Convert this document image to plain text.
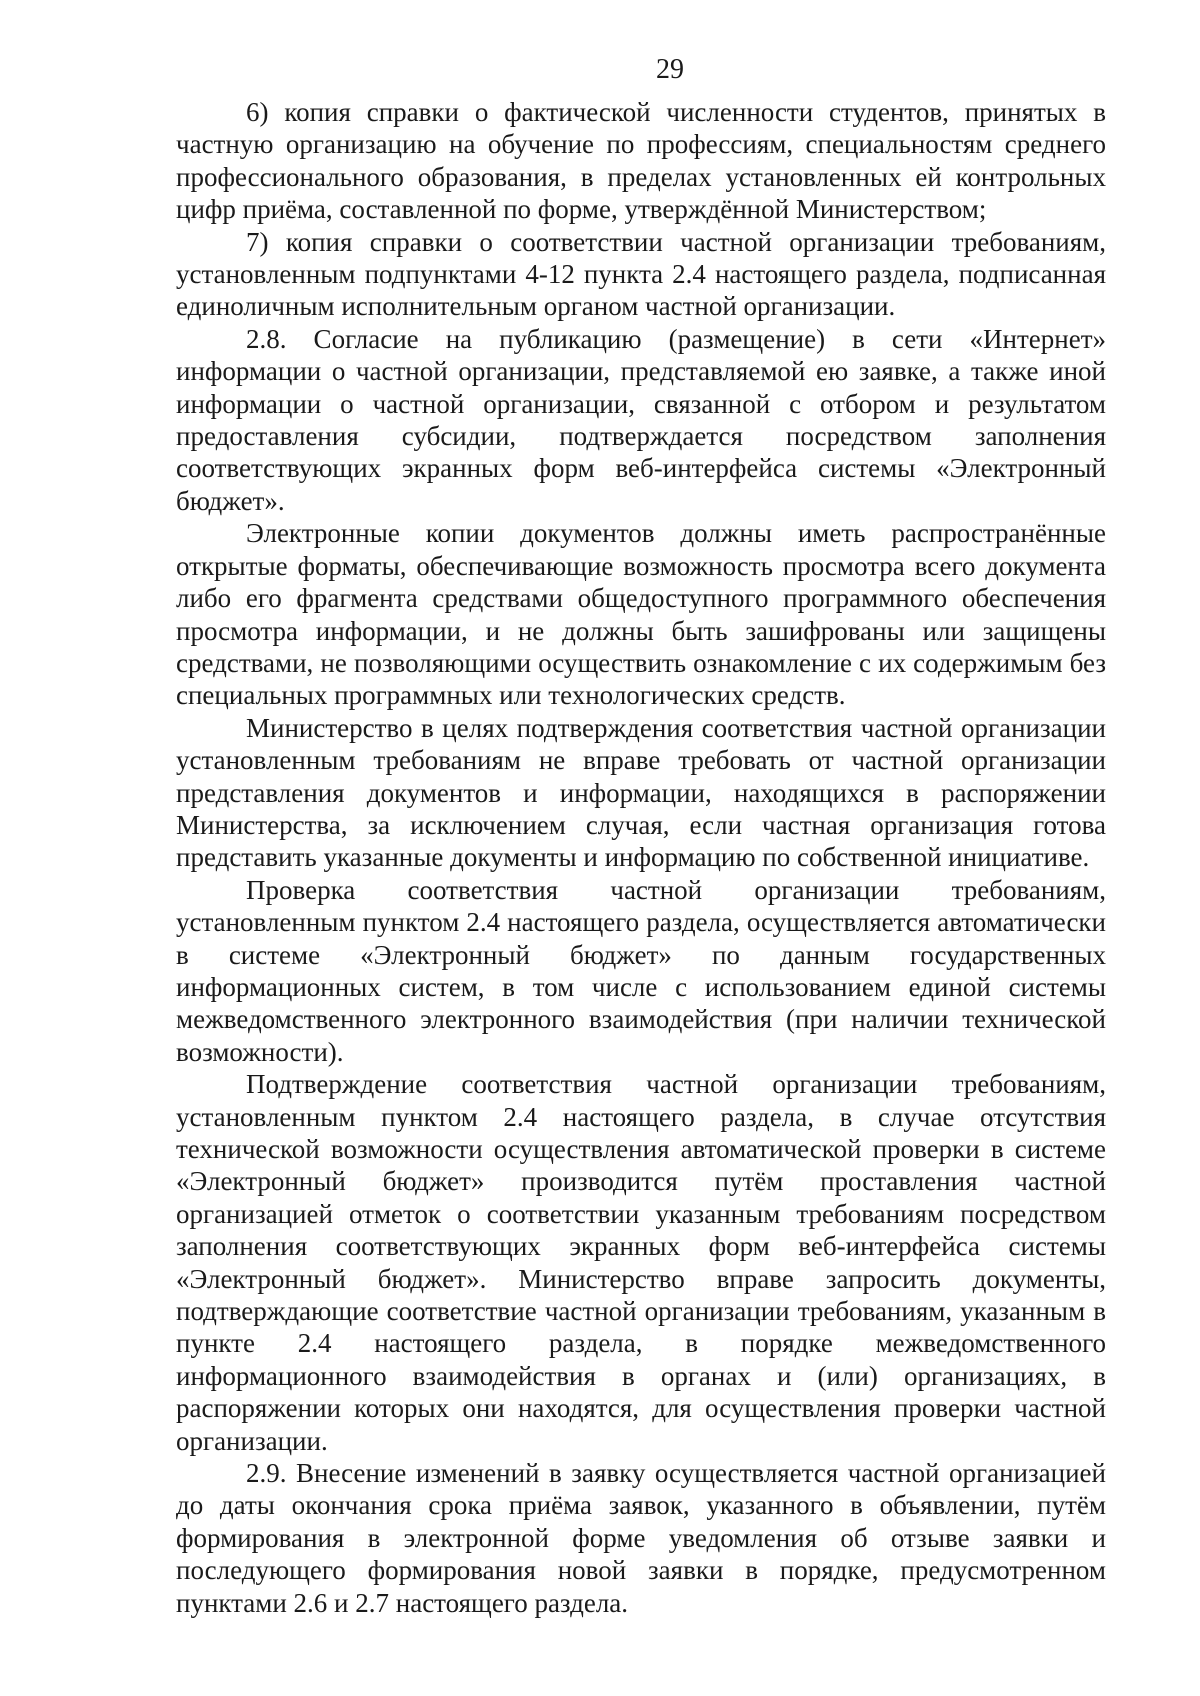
29

6) копия справки о фактической численности студентов, принятых в частную организацию на обучение по профессиям, специальностям среднего профессионального образования, в пределах установленных ей контрольных цифр приёма, составленной по форме, утверждённой Министерством;

7) копия справки о соответствии частной организации требованиям, установленным подпунктами 4-12 пункта 2.4 настоящего раздела, подписанная единоличным исполнительным органом частной организации.

2.8. Согласие на публикацию (размещение) в сети «Интернет» информации о частной организации, представляемой ею заявке, а также иной информации о частной организации, связанной с отбором и результатом предоставления субсидии, подтверждается посредством заполнения соответствующих экранных форм веб-интерфейса системы «Электронный бюджет».

Электронные копии документов должны иметь распространённые открытые форматы, обеспечивающие возможность просмотра всего документа либо его фрагмента средствами общедоступного программного обеспечения просмотра информации, и не должны быть зашифрованы или защищены средствами, не позволяющими осуществить ознакомление с их содержимым без специальных программных или технологических средств.

Министерство в целях подтверждения соответствия частной организации установленным требованиям не вправе требовать от частной организации представления документов и информации, находящихся в распоряжении Министерства, за исключением случая, если частная организация готова представить указанные документы и информацию по собственной инициативе.

Проверка соответствия частной организации требованиям, установленным пунктом 2.4 настоящего раздела, осуществляется автоматически в системе «Электронный бюджет» по данным государственных информационных систем, в том числе с использованием единой системы межведомственного электронного взаимодействия (при наличии технической возможности).

Подтверждение соответствия частной организации требованиям, установленным пунктом 2.4 настоящего раздела, в случае отсутствия технической возможности осуществления автоматической проверки в системе «Электронный бюджет» производится путём проставления частной организацией отметок о соответствии указанным требованиям посредством заполнения соответствующих экранных форм веб-интерфейса системы «Электронный бюджет». Министерство вправе запросить документы, подтверждающие соответствие частной организации требованиям, указанным в пункте 2.4 настоящего раздела, в порядке межведомственного информационного взаимодействия в органах и (или) организациях, в распоряжении которых они находятся, для осуществления проверки частной организации.

2.9. Внесение изменений в заявку осуществляется частной организацией до даты окончания срока приёма заявок, указанного в объявлении, путём формирования в электронной форме уведомления об отзыве заявки и последующего формирования новой заявки в порядке, предусмотренном пунктами 2.6 и 2.7 настоящего раздела.
